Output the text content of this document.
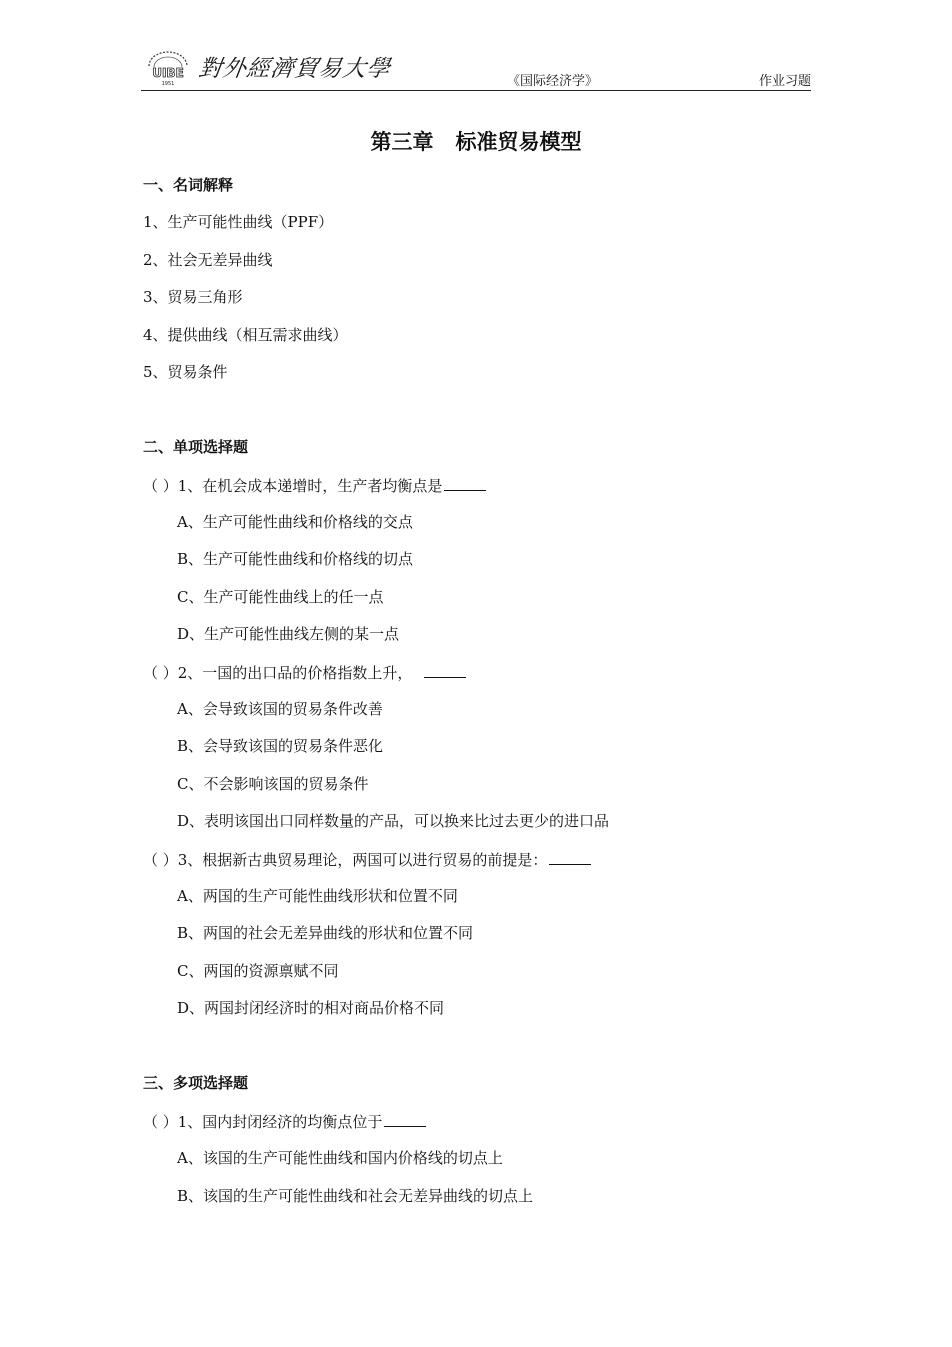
UIBE
1951
對外經濟貿易大學	《国际经济学》	作业习题
第三章 标准贸易模型
一、名词解释
1、生产可能性曲线（PPF）
2、社会无差异曲线
3、贸易三角形
4、提供曲线（相互需求曲线）
5、贸易条件
二、单项选择题
（ ）1、在机会成本递增时，生产者均衡点是
A、生产可能性曲线和价格线的交点
B、生产可能性曲线和价格线的切点
C、生产可能性曲线上的任一点
D、生产可能性曲线左侧的某一点
（ ）2、一国的出口品的价格指数上升，
A、会导致该国的贸易条件改善
B、会导致该国的贸易条件恶化
C、不会影响该国的贸易条件
D、表明该国出口同样数量的产品，可以换来比过去更少的进口品
（ ）3、根据新古典贸易理论，两国可以进行贸易的前提是：
A、两国的生产可能性曲线形状和位置不同
B、两国的社会无差异曲线的形状和位置不同
C、两国的资源禀赋不同
D、两国封闭经济时的相对商品价格不同
三、多项选择题
（ ）1、国内封闭经济的均衡点位于
A、该国的生产可能性曲线和国内价格线的切点上
B、该国的生产可能性曲线和社会无差异曲线的切点上
